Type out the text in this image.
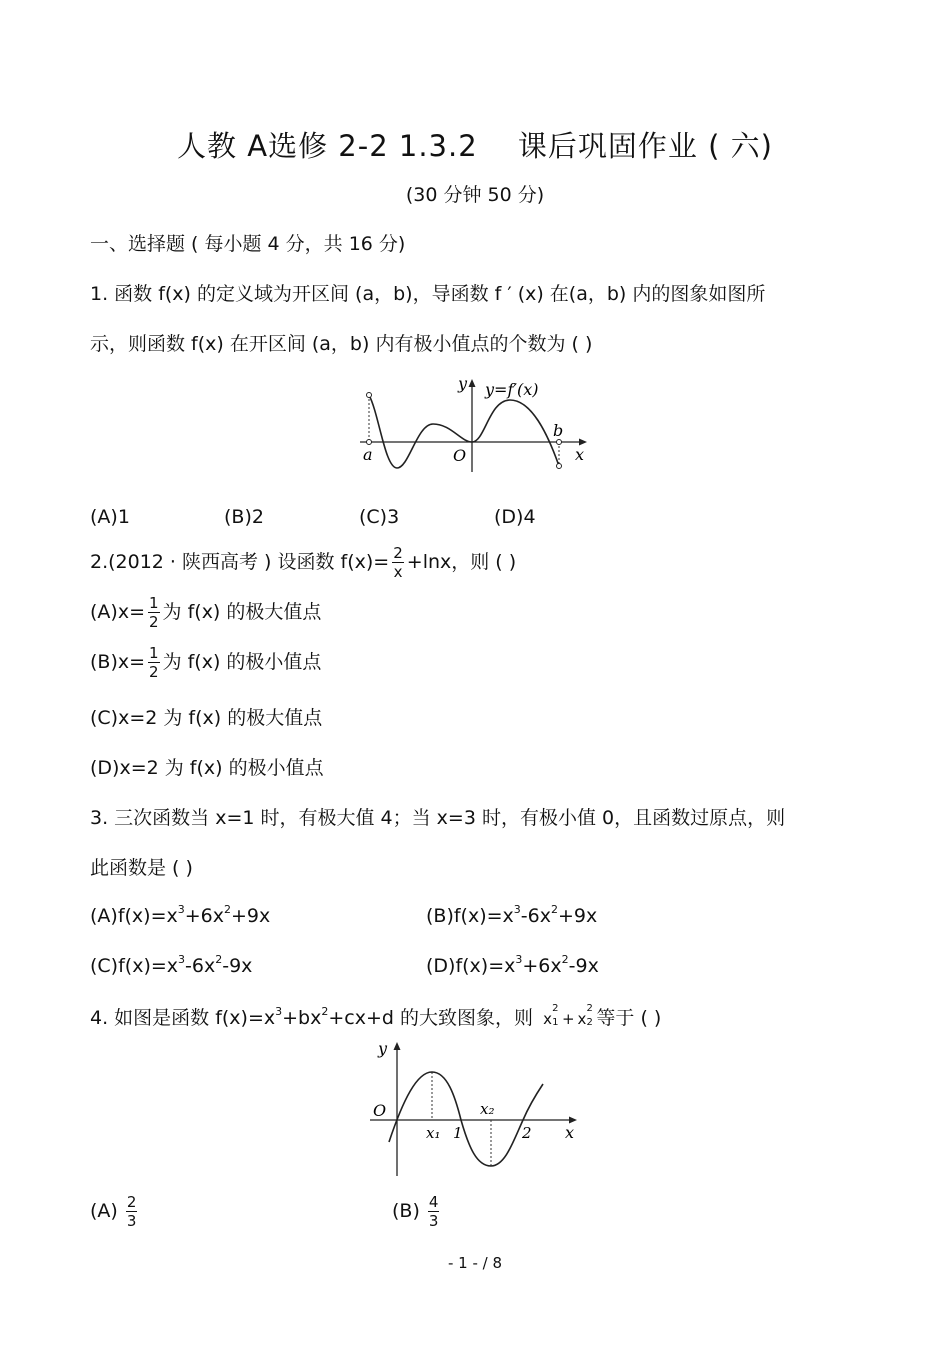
人教 A选修 2-2 1.3.2　 课后巩固作业 ( 六)
(30 分钟 50 分)
一、选择题 ( 每小题 4 分，共 16 分)
1. 函数 f(x) 的定义域为开区间 (a，b)，导函数 f ′ (x) 在(a，b) 内的图象如图所
示，则函数 f(x) 在开区间 (a，b) 内有极小值点的个数为 ( )
y y=f′(x)
a	O
b
x
(A)1	(B)2	(C)3	(D)4
2.(2012 · 陕西高考 ) 设函数 $f(x)= \frac{2}{x} +\ln x$，则 ( )
$(A)x= \frac{1}{2}$ 为 f(x) 的极大值点
$(B)x= \frac{1}{2}$ 为 f(x) 的极小值点
(C)x=2 为 f(x) 的极大值点
(D)x=2 为 f(x) 的极小值点
3. 三次函数当 x=1 时，有极大值 4；当 x=3 时，有极小值 0，且函数过原点，则
此函数是 ( )
$(A)f(x)=x^3+6x^2+9x$	$(B)f(x)=x^3-6x^2+9x$
$(C)f(x)=x^3-6x^2-9x$	$(D)f(x)=x^3+6x^2-9x$
4. 如图是函数 $f(x)=x^3+bx^2+cx+d$ 的大致图象，则 x
2
1 + x
2
2 等于 ( )
y
O
x₁ 1
x₂
2 x
$(A) \frac{2}{3}$	$(B) \frac{4}{3}$
- 1 - / 8
